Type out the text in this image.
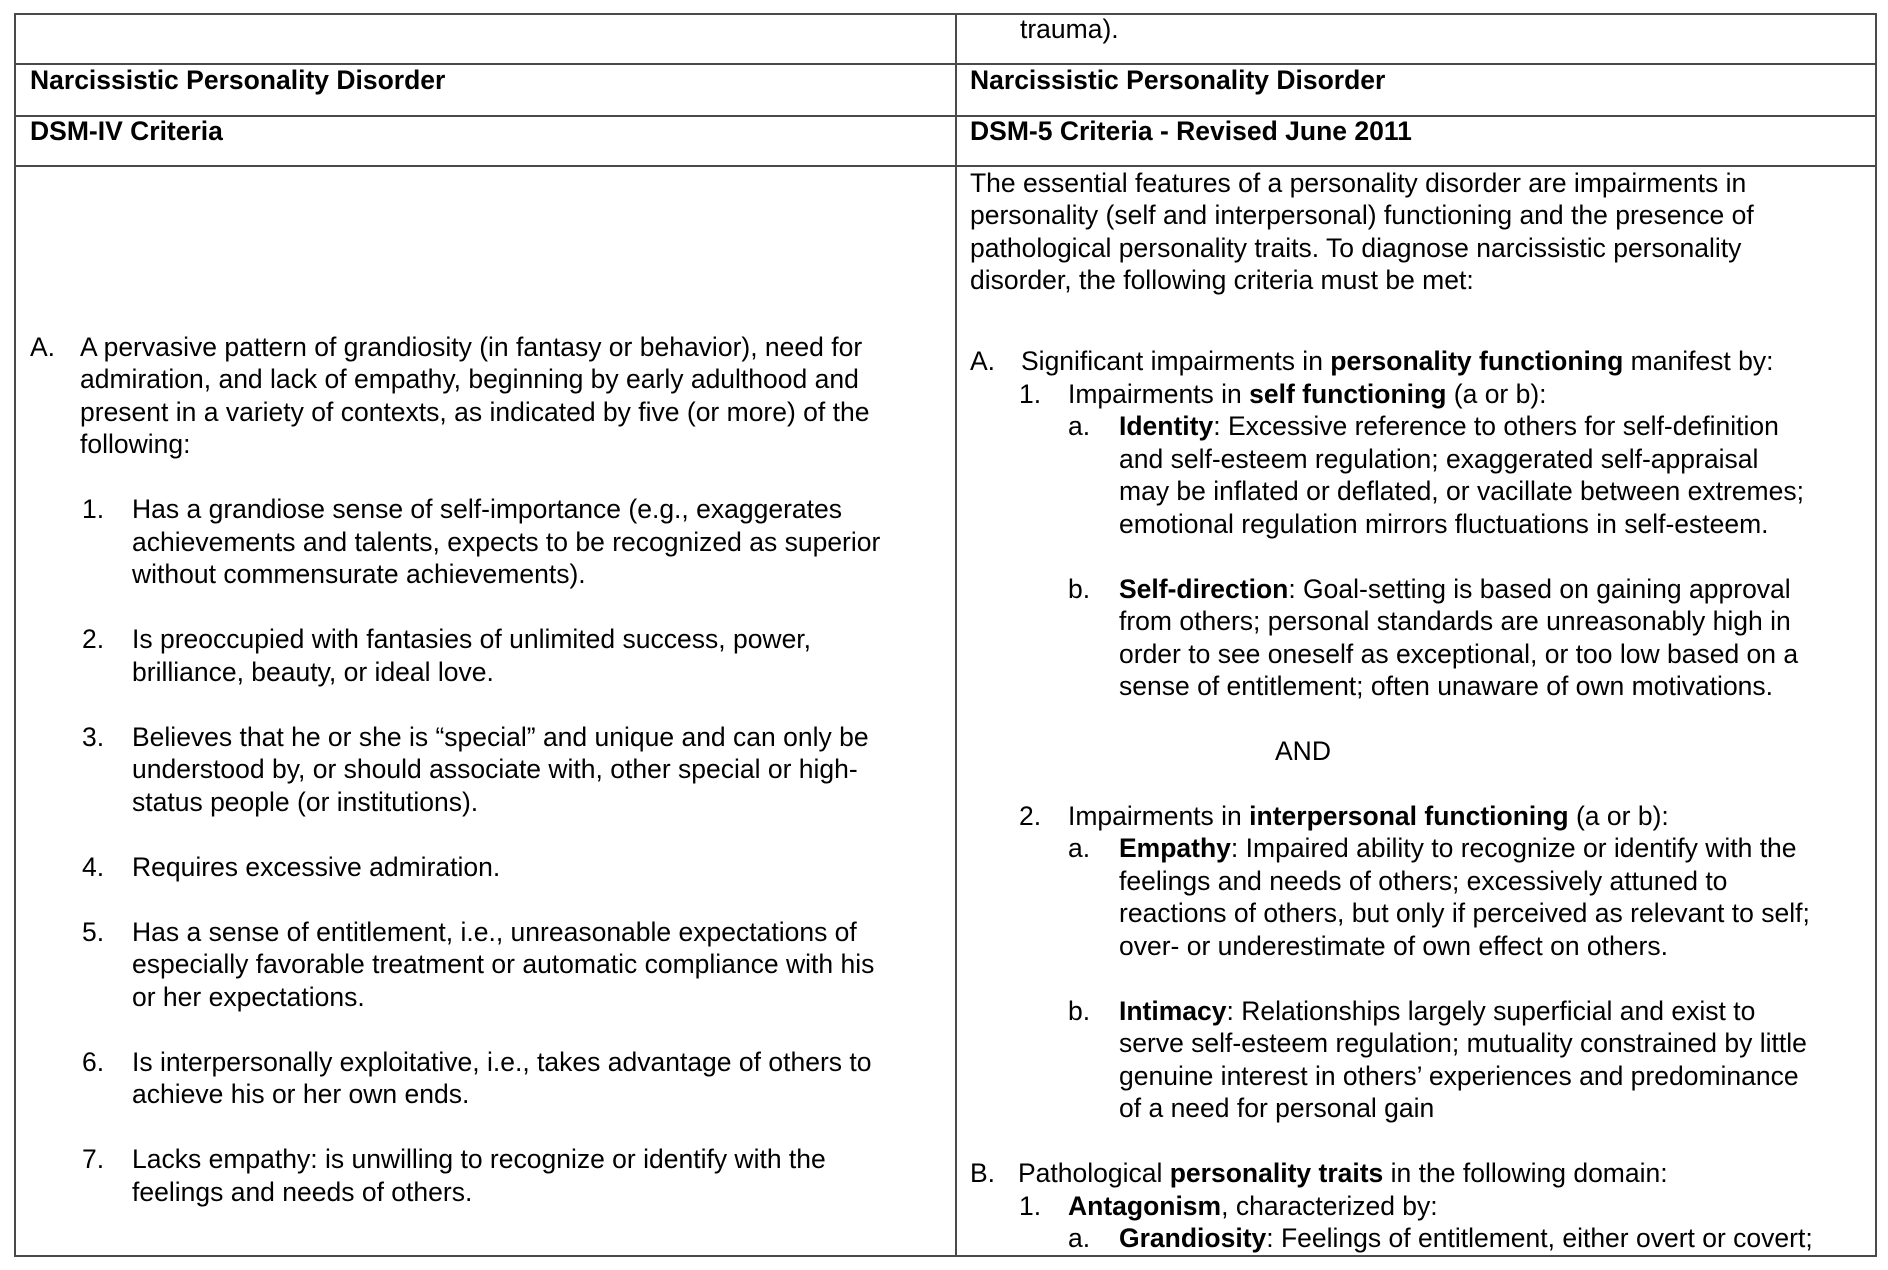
trauma).
Narcissistic Personality Disorder	Narcissistic Personality Disorder
DSM-IV Criteria	DSM-5 Criteria - Revised June 2011
A. A pervasive pattern of grandiosity (in fantasy or behavior), need for
admiration, and lack of empathy, beginning by early adulthood and
present in a variety of contexts, as indicated by five (or more) of the
following:
1. Has a grandiose sense of self-importance (e.g., exaggerates
achievements and talents, expects to be recognized as superior
without commensurate achievements).
2. Is preoccupied with fantasies of unlimited success, power,
brilliance, beauty, or ideal love.
3. Believes that he or she is “special” and unique and can only be
understood by, or should associate with, other special or high-
status people (or institutions).
4. Requires excessive admiration.
5. Has a sense of entitlement, i.e., unreasonable expectations of
especially favorable treatment or automatic compliance with his
or her expectations.
6. Is interpersonally exploitative, i.e., takes advantage of others to
achieve his or her own ends.
7. Lacks empathy: is unwilling to recognize or identify with the
feelings and needs of others.
The essential features of a personality disorder are impairments in
personality (self and interpersonal) functioning and the presence of
pathological personality traits. To diagnose narcissistic personality
disorder, the following criteria must be met:
A. Significant impairments in personality functioning manifest by:
1. Impairments in self functioning (a or b):
a. Identity: Excessive reference to others for self-definition
and self-esteem regulation; exaggerated self-appraisal
may be inflated or deflated, or vacillate between extremes;
emotional regulation mirrors fluctuations in self-esteem.
b. Self-direction: Goal-setting is based on gaining approval
from others; personal standards are unreasonably high in
order to see oneself as exceptional, or too low based on a
sense of entitlement; often unaware of own motivations.
AND
2. Impairments in interpersonal functioning (a or b):
a. Empathy: Impaired ability to recognize or identify with the
feelings and needs of others; excessively attuned to
reactions of others, but only if perceived as relevant to self;
over- or underestimate of own effect on others.
b. Intimacy: Relationships largely superficial and exist to
serve self-esteem regulation; mutuality constrained by little
genuine interest in others’ experiences and predominance
of a need for personal gain
B. Pathological personality traits in the following domain:
1. Antagonism, characterized by:
a. Grandiosity: Feelings of entitlement, either overt or covert;
